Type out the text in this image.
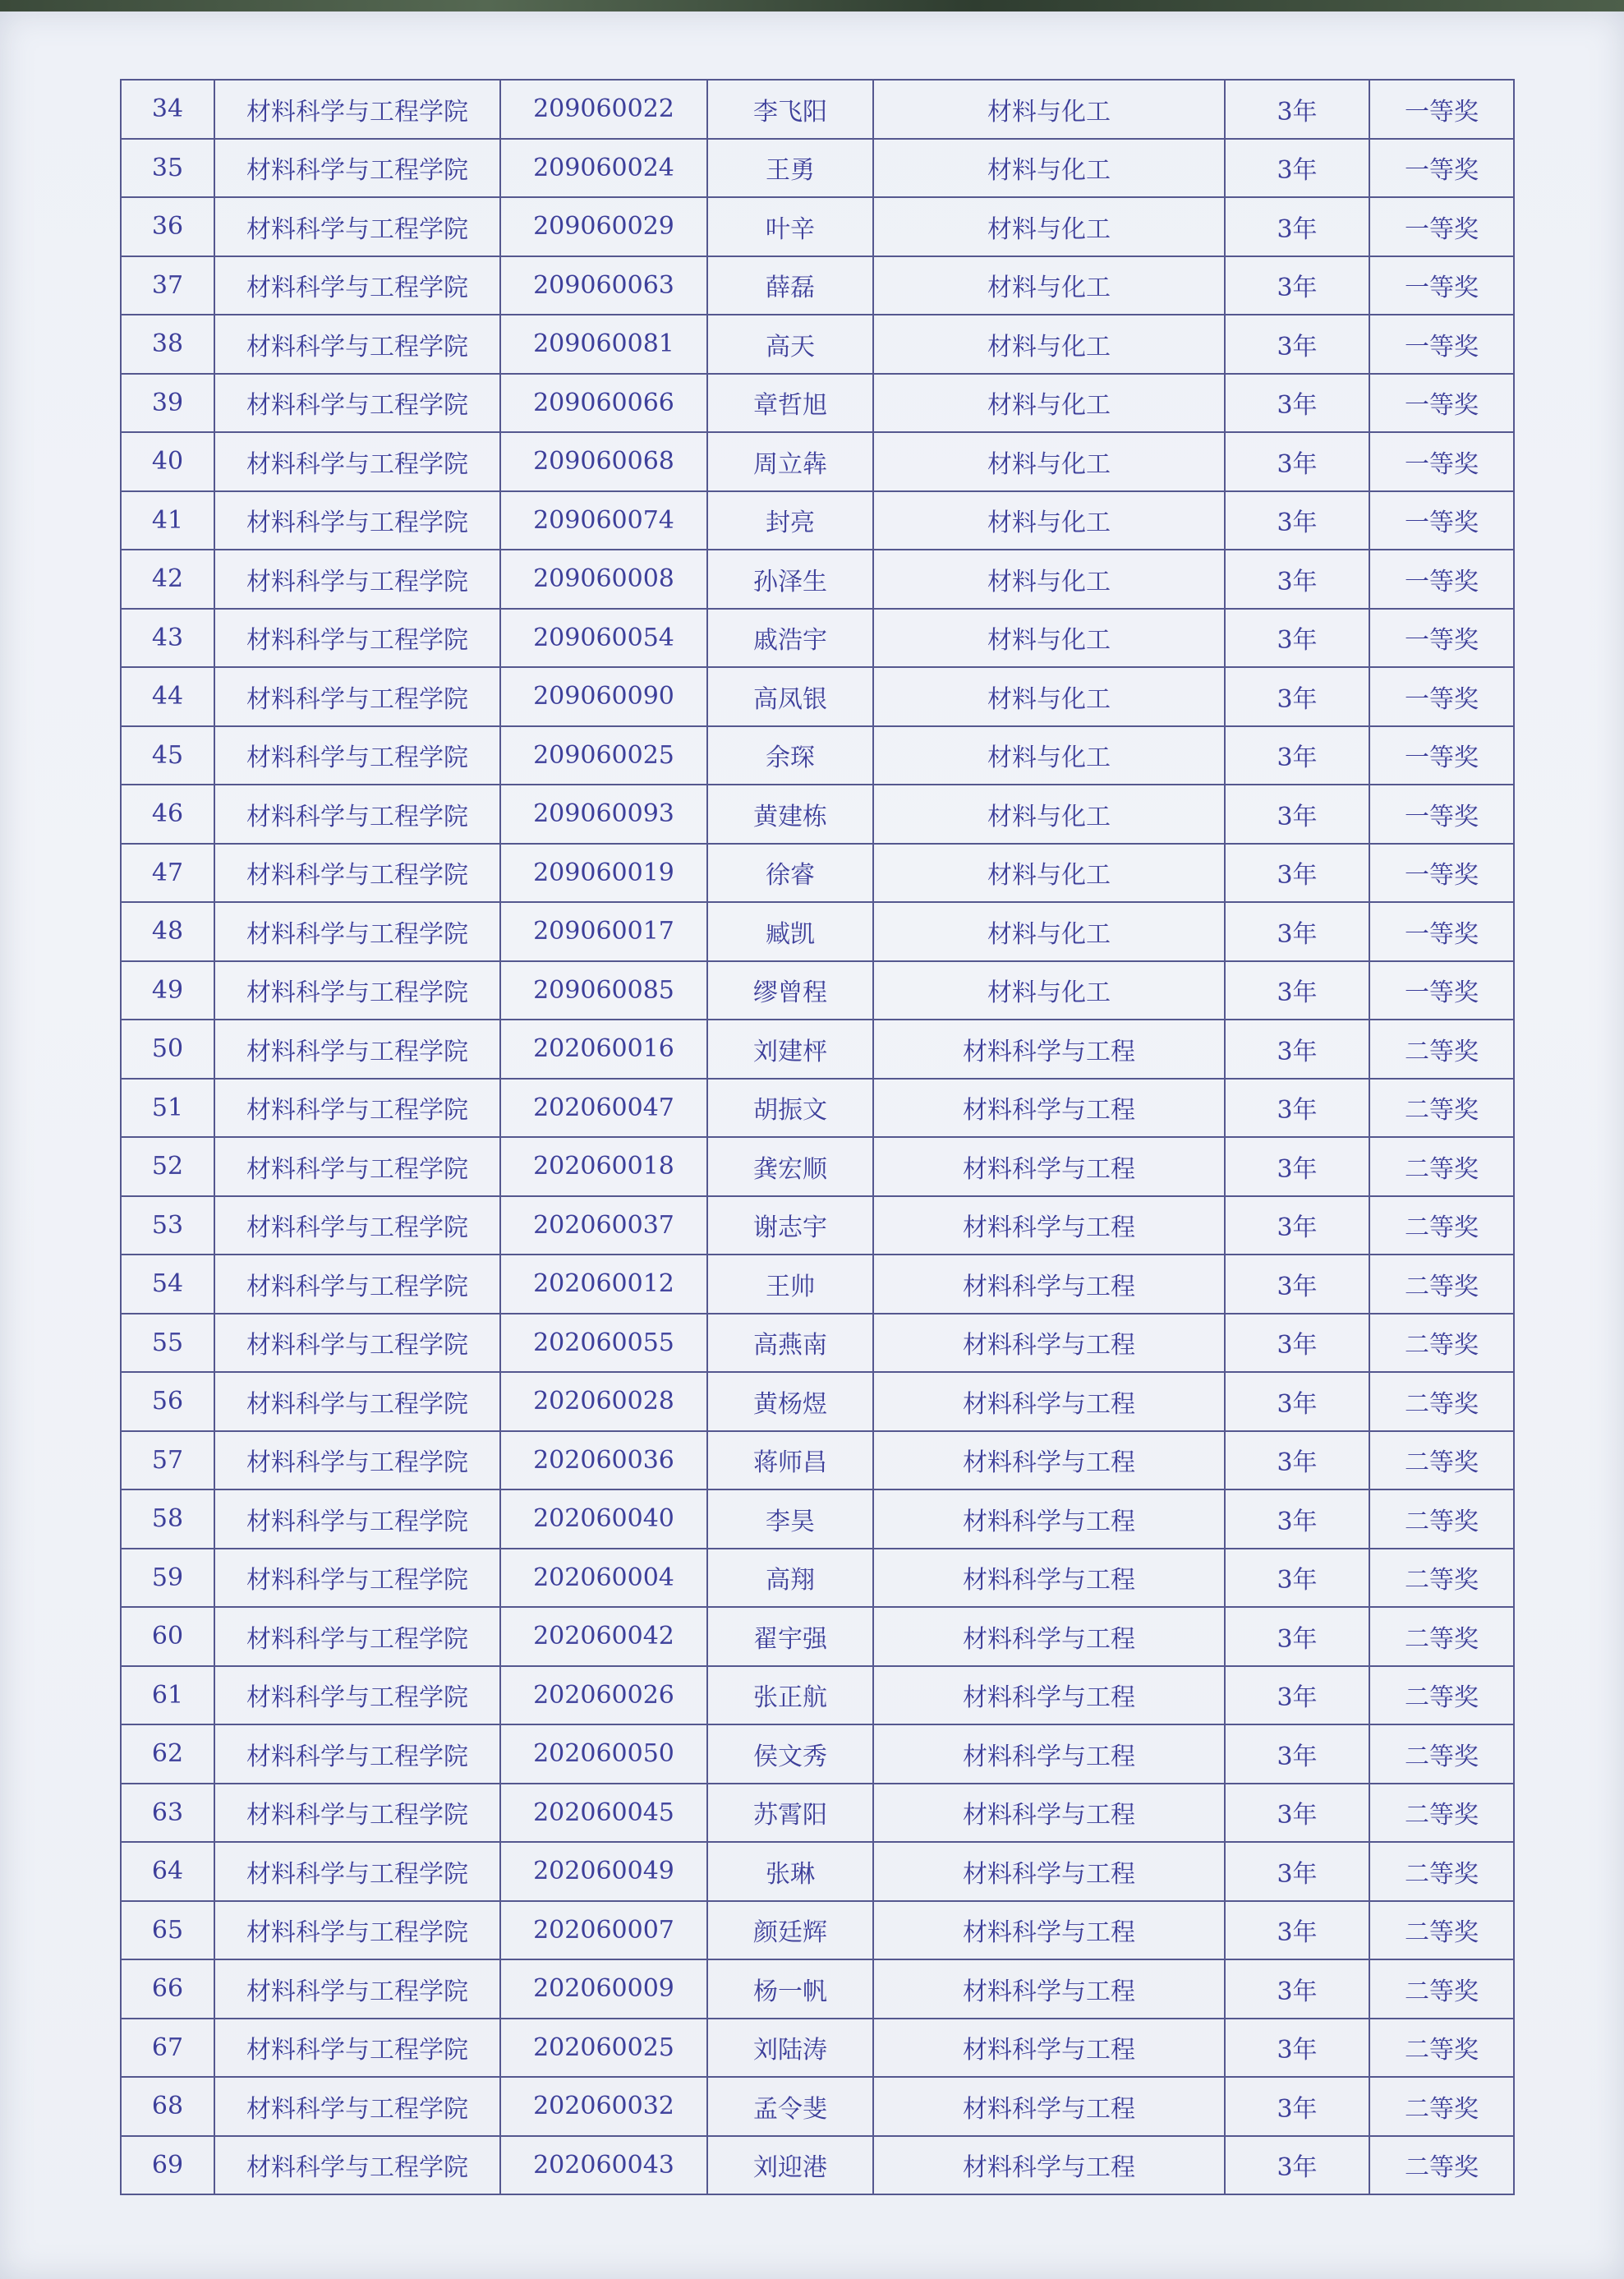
34	材料科学与工程学院	209060022	李飞阳	材料与化工	3年	一等奖
35	材料科学与工程学院	209060024	王勇	材料与化工	3年	一等奖
36	材料科学与工程学院	209060029	叶辛	材料与化工	3年	一等奖
37	材料科学与工程学院	209060063	薛磊	材料与化工	3年	一等奖
38	材料科学与工程学院	209060081	高天	材料与化工	3年	一等奖
39	材料科学与工程学院	209060066	章哲旭	材料与化工	3年	一等奖
40	材料科学与工程学院	209060068	周立犇	材料与化工	3年	一等奖
41	材料科学与工程学院	209060074	封亮	材料与化工	3年	一等奖
42	材料科学与工程学院	209060008	孙泽生	材料与化工	3年	一等奖
43	材料科学与工程学院	209060054	戚浩宇	材料与化工	3年	一等奖
44	材料科学与工程学院	209060090	高凤银	材料与化工	3年	一等奖
45	材料科学与工程学院	209060025	余琛	材料与化工	3年	一等奖
46	材料科学与工程学院	209060093	黄建栋	材料与化工	3年	一等奖
47	材料科学与工程学院	209060019	徐睿	材料与化工	3年	一等奖
48	材料科学与工程学院	209060017	臧凯	材料与化工	3年	一等奖
49	材料科学与工程学院	209060085	缪曾程	材料与化工	3年	一等奖
50	材料科学与工程学院	202060016	刘建枰	材料科学与工程	3年	二等奖
51	材料科学与工程学院	202060047	胡振文	材料科学与工程	3年	二等奖
52	材料科学与工程学院	202060018	龚宏顺	材料科学与工程	3年	二等奖
53	材料科学与工程学院	202060037	谢志宇	材料科学与工程	3年	二等奖
54	材料科学与工程学院	202060012	王帅	材料科学与工程	3年	二等奖
55	材料科学与工程学院	202060055	高燕南	材料科学与工程	3年	二等奖
56	材料科学与工程学院	202060028	黄杨煜	材料科学与工程	3年	二等奖
57	材料科学与工程学院	202060036	蒋师昌	材料科学与工程	3年	二等奖
58	材料科学与工程学院	202060040	李昊	材料科学与工程	3年	二等奖
59	材料科学与工程学院	202060004	高翔	材料科学与工程	3年	二等奖
60	材料科学与工程学院	202060042	翟宇强	材料科学与工程	3年	二等奖
61	材料科学与工程学院	202060026	张正航	材料科学与工程	3年	二等奖
62	材料科学与工程学院	202060050	侯文秀	材料科学与工程	3年	二等奖
63	材料科学与工程学院	202060045	苏霄阳	材料科学与工程	3年	二等奖
64	材料科学与工程学院	202060049	张琳	材料科学与工程	3年	二等奖
65	材料科学与工程学院	202060007	颜廷辉	材料科学与工程	3年	二等奖
66	材料科学与工程学院	202060009	杨一帆	材料科学与工程	3年	二等奖
67	材料科学与工程学院	202060025	刘陆涛	材料科学与工程	3年	二等奖
68	材料科学与工程学院	202060032	孟令斐	材料科学与工程	3年	二等奖
69	材料科学与工程学院	202060043	刘迎港	材料科学与工程	3年	二等奖
